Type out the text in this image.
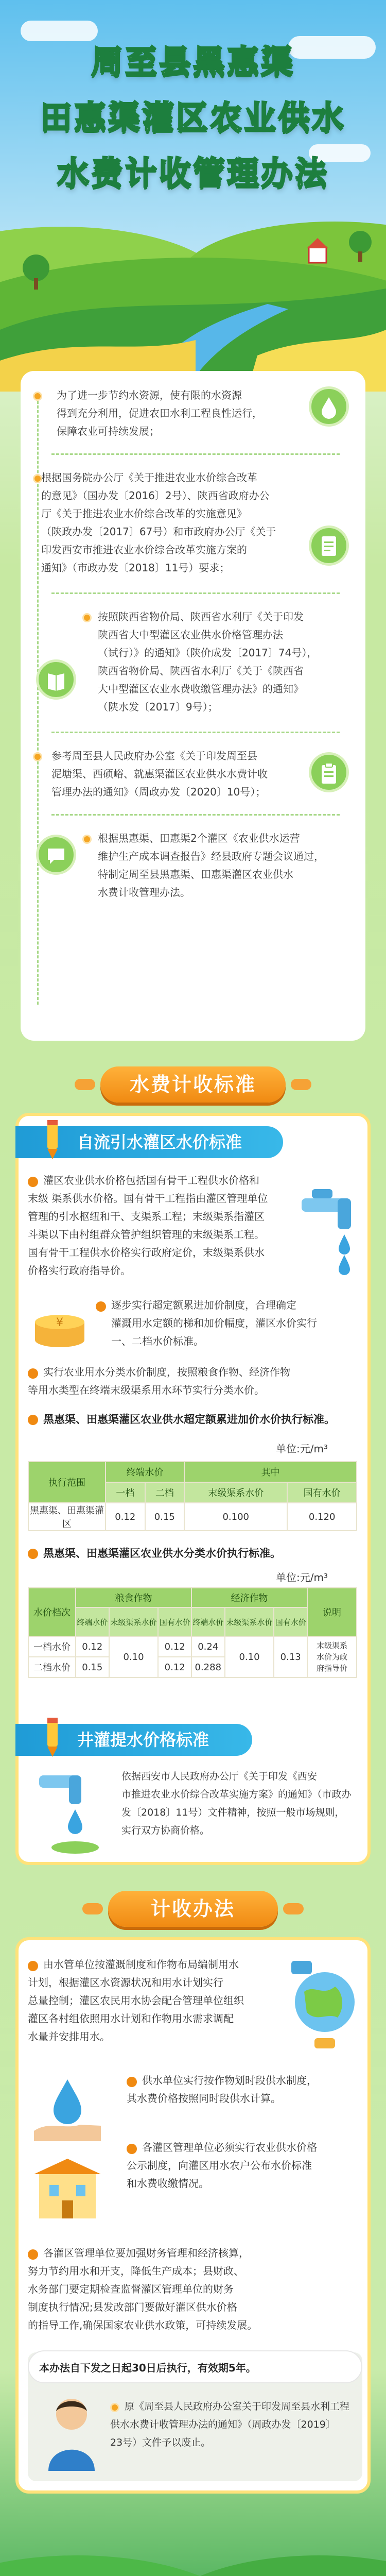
周至县黑惠渠
田惠渠灌区农业供水
水费计收管理办法
为了进一步节约水资源，使有限的水资源
得到充分利用，促进农田水利工程良性运行，
保障农业可持续发展；
根据国务院办公厅《关于推进农业水价综合改革
的意见》（国办发〔2016〕2号）、陕西省政府办公
厅《关于推进农业水价综合改革的实施意见》
（陕政办发〔2017〕67号）和市政府办公厅《关于
印发西安市推进农业水价综合改革实施方案的
通知》（市政办发〔2018〕11号）要求；
按照陕西省物价局、陕西省水利厅《关于印发
陕西省大中型灌区农业供水价格管理办法
（试行）》的通知》（陕价成发〔2017〕74号），
陕西省物价局、陕西省水利厅《关于《陕西省
大中型灌区农业水费收缴管理办法》的通知》
（陕水发〔2017〕9号）；
参考周至县人民政府办公室《关于印发周至县
泥塘渠、西硕峪、就惠渠灌区农业供水水费计收
管理办法的通知》（周政办发〔2020〕10号）；
根据黑惠渠、田惠渠2个灌区《农业供水运营
维护生产成本调查报告》经县政府专题会议通过，
特制定周至县黑惠渠、田惠渠灌区农业供水
水费计收管理办法。
水费计收标准
自流引水灌区水价标准
灌区农业供水价格包括国有骨干工程供水价格和
末级 渠系供水价格。国有骨干工程指由灌区管理单位
管理的引水枢纽和干、支渠系工程；末级渠系指灌区
斗渠以下由村组群众管护组织管理的末级渠系工程。
国有骨干工程供水价格实行政府定价，末级渠系供水
价格实行政府指导价。
逐步实行超定额累进加价制度，合理确定
灌溉用水定额的梯和加价幅度，灌区水价实行
一、二档水价标准。
¥
实行农业用水分类水价制度，按照粮食作物、经济作物
等用水类型在终端末级渠系用水环节实行分类水价。
黑惠渠、田惠渠灌区农业供水超定额累进加价水价执行标准。
单位:元/m³
执行范围	终端水价		其中	
	一档	二档	末级渠系水价	国有水价
黑惠渠、田惠渠灌区	0.12	0.15	0.100	0.120
黑惠渠、田惠渠灌区农业供水分类水价执行标准。
单位:元/m³
水价档次	粮食作物			经济作物			说明
	终端水价	末级渠系水价	国有水价	终端水价	末级渠系水价	国有水价	
一档水价	0.12	0.10	0.12	0.24	0.10	0.13	末级渠系
水价为政
府指导价

二档水价	0.15		0.12	0.288			
井灌提水价格标准
依据西安市人民政府办公厅《关于印发《西安
市推进农业水价综合改革实施方案》的通知》（市政办
发〔2018〕11号）文件精神，按照一般市场规则，
实行双方协商价格。
计收办法
由水管单位按灌溉制度和作物布局编制用水
计划，根据灌区水资源状况和用水计划实行
总量控制；灌区农民用水协会配合管理单位组织
灌区各村组依照用水计划和作物用水需求调配
水量并安排用水。
供水单位实行按作物划时段供水制度，
其水费价格按照同时段供水计算。
各灌区管理单位必须实行农业供水价格
公示制度，向灌区用水农户公布水价标准
和水费收缴情况。
各灌区管理单位要加强财务管理和经济核算，
努力节约用水和开支，降低生产成本；县财政、
水务部门要定期检查监督灌区管理单位的财务
制度执行情况;县发改部门要做好灌区供水价格
的指导工作,确保国家农业供水政策，可持续发展。
本办法自下发之日起30日后执行，有效期5年。
原《周至县人民政府办公室关于印发周至县水利工程
供水水费计收管理办法的通知》（周政办发〔2019〕
23号）文件予以废止。
